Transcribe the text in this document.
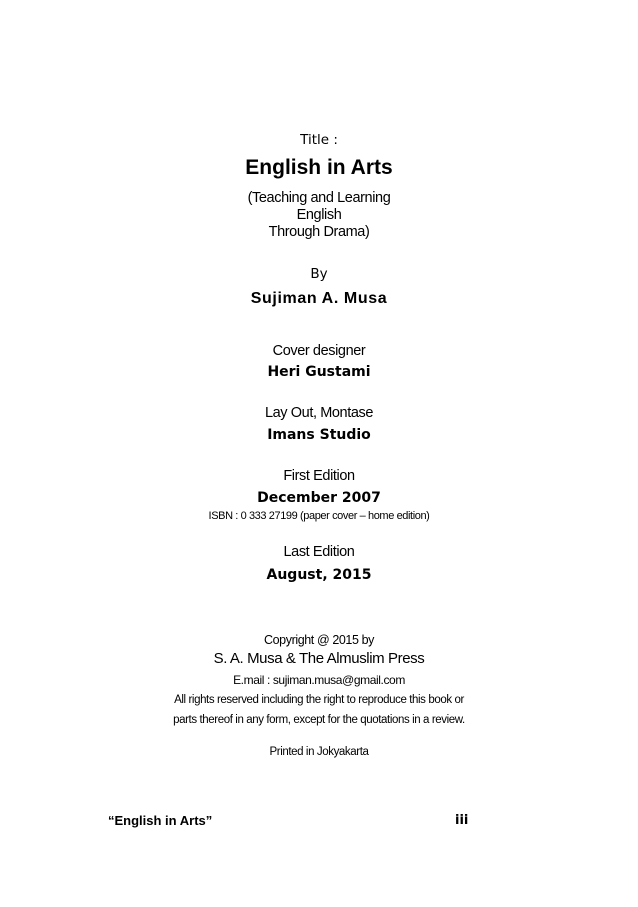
Title :
English in Arts
(Teaching and Learning
English
Through Drama)
By
Sujiman A. Musa
Cover designer
Heri Gustami
Lay Out, Montase
Imans Studio
First Edition
December 2007
ISBN : 0 333 27199 (paper cover – home edition)
Last Edition
August, 2015
Copyright @ 2015 by
S. A. Musa & The Almuslim Press
E.mail : sujiman.musa@gmail.com
All rights reserved including the right to reproduce this book or
parts thereof in any form, except for the quotations in a review.
Printed in Jokyakarta
“English in Arts”	iii
